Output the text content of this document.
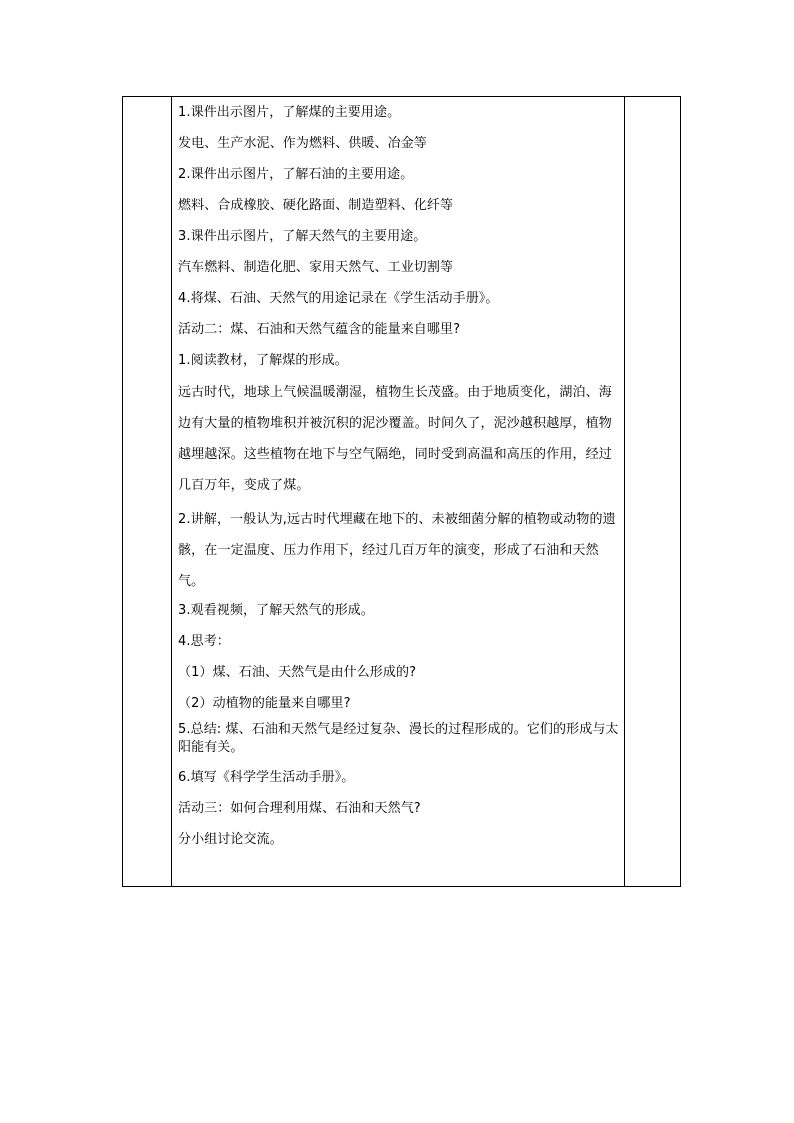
1.课件出示图片，了解煤的主要用途。
发电、生产水泥、作为燃料、供暖、冶金等
2.课件出示图片，了解石油的主要用途。
燃料、合成橡胶、硬化路面、制造塑料、化纤等
3.课件出示图片，了解天然气的主要用途。
汽车燃料、制造化肥、家用天然气、工业切割等
4.将煤、石油、天然气的用途记录在《学生活动手册》。
活动二：煤、石油和天然气蕴含的能量来自哪里?
1.阅读教材，了解煤的形成。
远古时代，地球上气候温暖潮湿，植物生长茂盛。由于地质变化，湖泊、海边有大量的植物堆积并被沉积的泥沙覆盖。时间久了，泥沙越积越厚，植物越埋越深。这些植物在地下与空气隔绝，同时受到高温和高压的作用，经过几百万年，变成了煤。
2.讲解，一般认为,远古时代埋藏在地下的、未被细菌分解的植物或动物的遗骸，在一定温度、压力作用下，经过几百万年的演变，形成了石油和天然气。
3.观看视频，了解天然气的形成。
4.思考：
（1）煤、石油、天然气是由什么形成的?
（2）动植物的能量来自哪里?
5.总结: 煤、石油和天然气是经过复杂、漫长的过程形成的。它们的形成与太阳能有关。
6.填写《科学学生活动手册》。
活动三：如何合理利用煤、石油和天然气?
分小组讨论交流。
